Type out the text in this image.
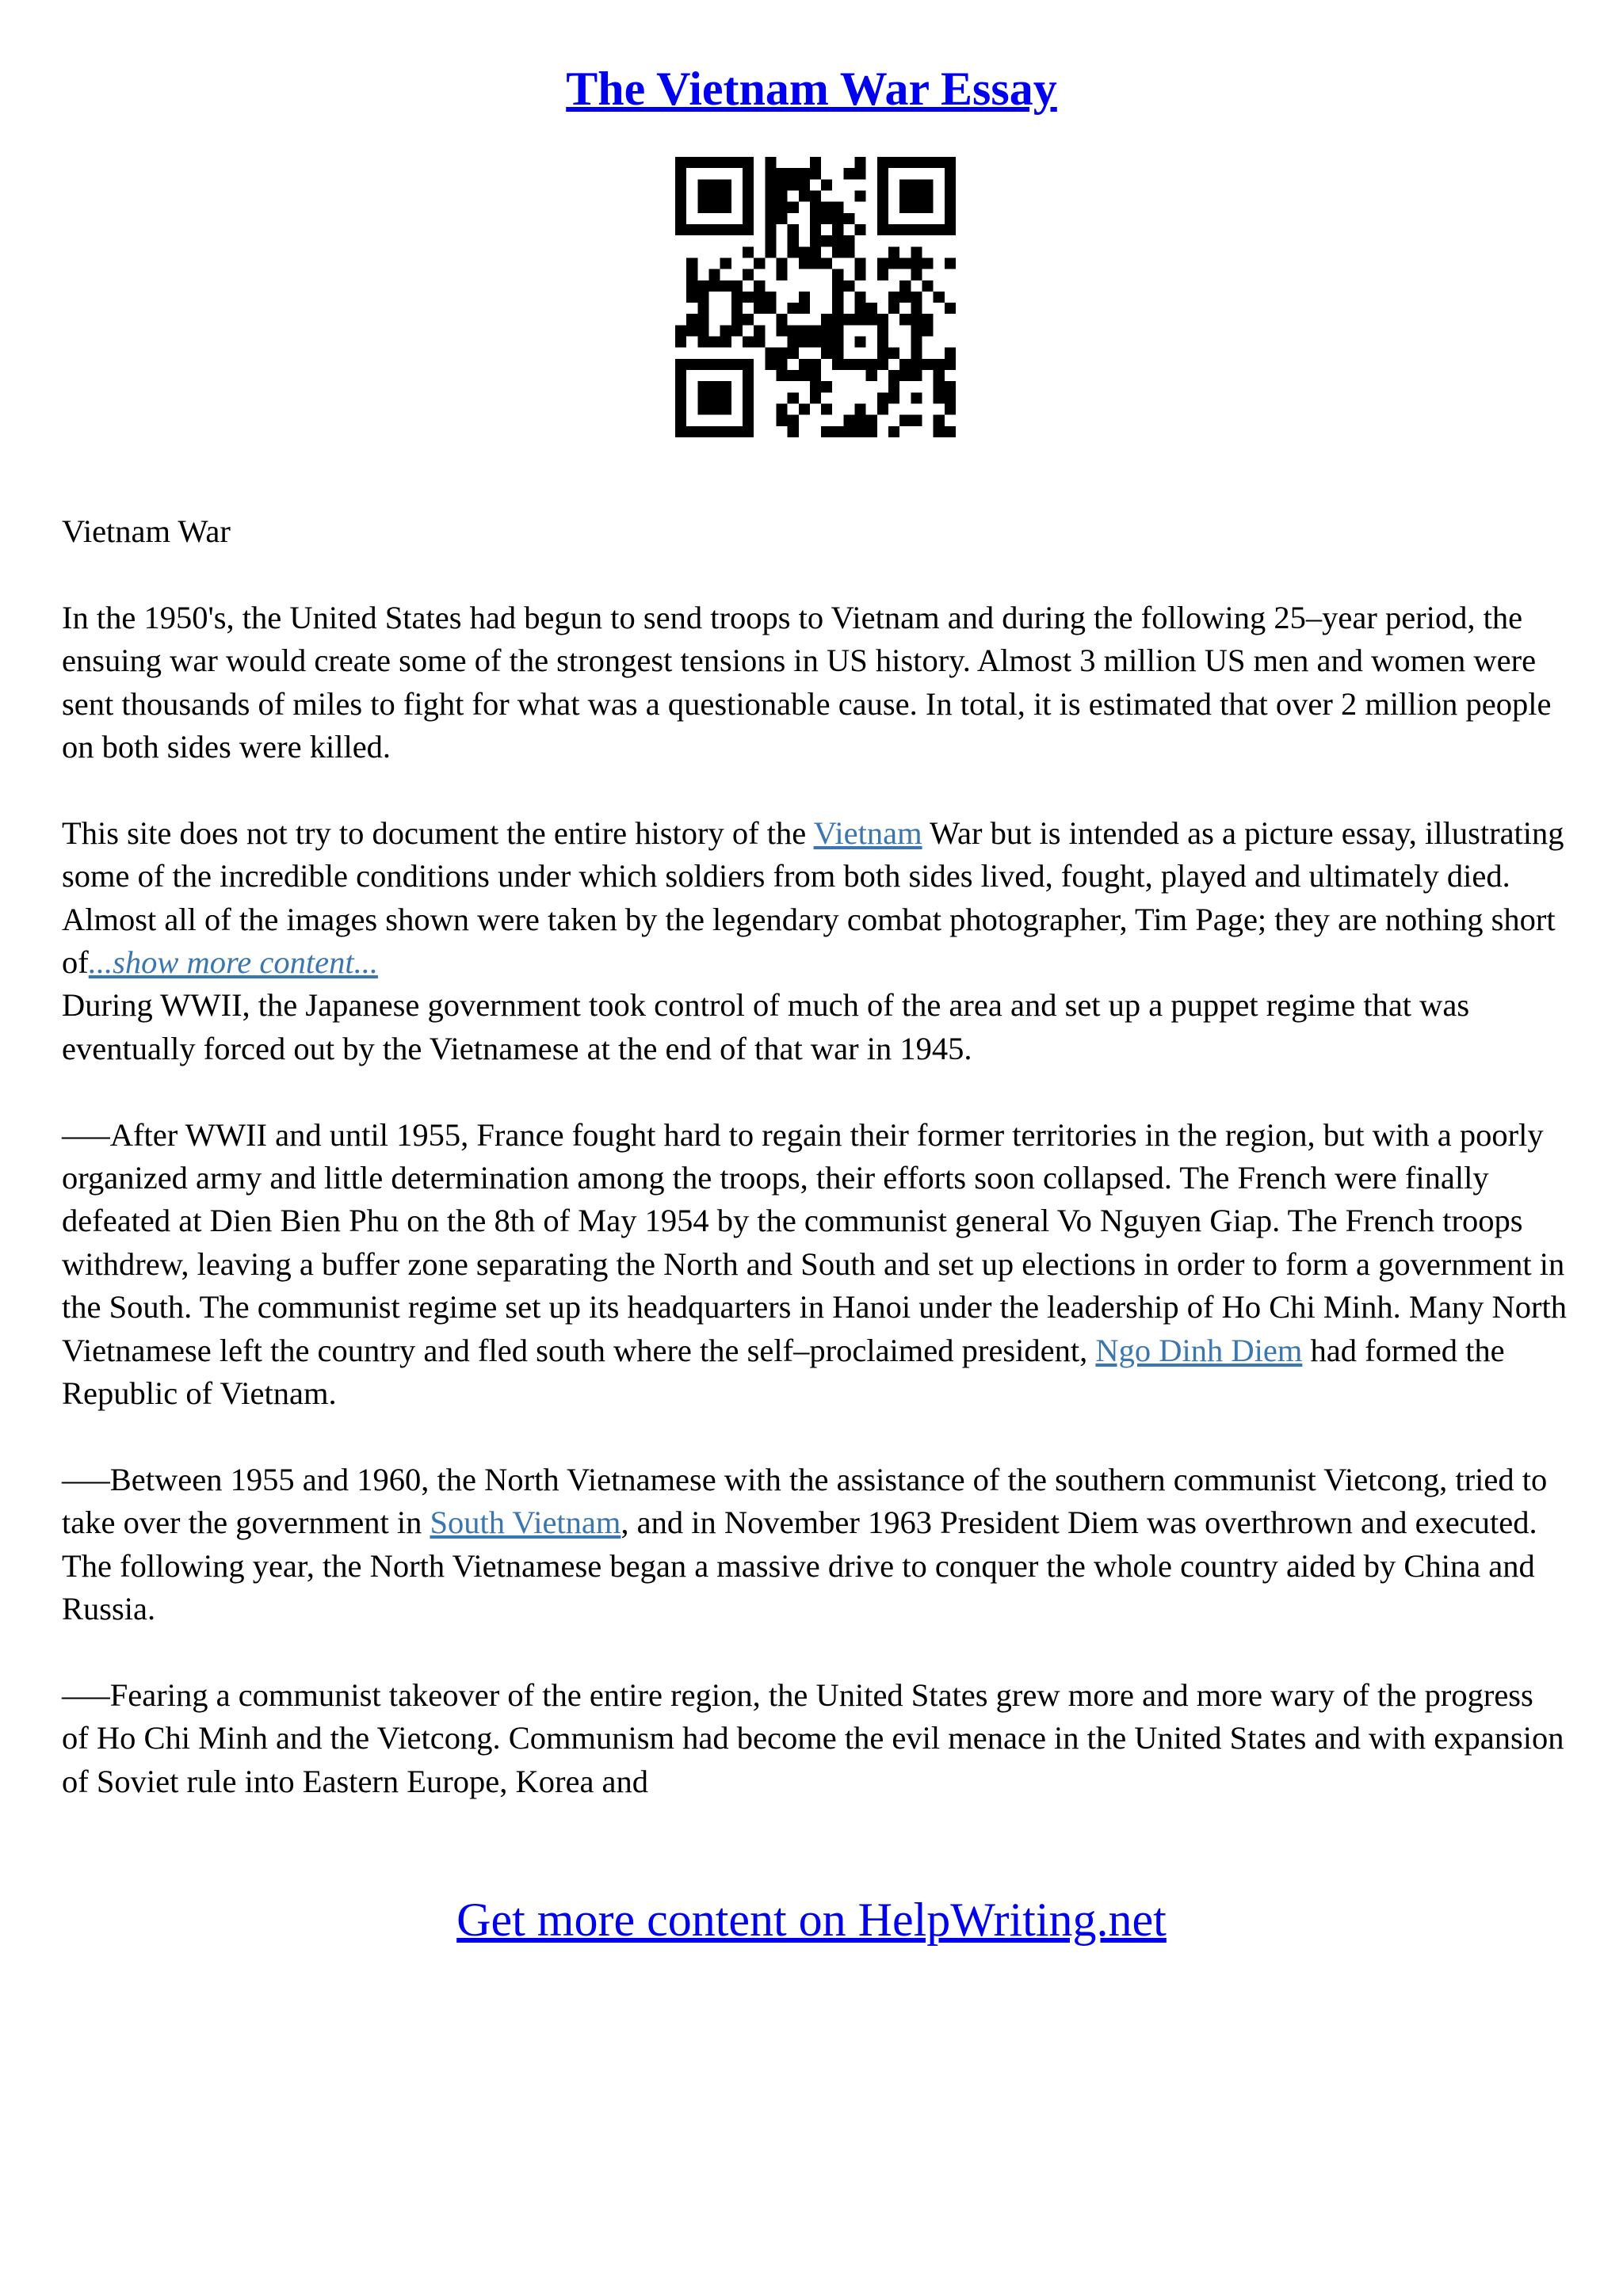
The Vietnam War Essay

Vietnam War

In the 1950's, the United States had begun to send troops to Vietnam and during the following 25–year period, the ensuing war would create some of the strongest tensions in US history. Almost 3 million US men and women were sent thousands of miles to fight for what was a questionable cause. In total, it is estimated that over 2 million people on both sides were killed.

This site does not try to document the entire history of the Vietnam War but is intended as a picture essay, illustrating some of the incredible conditions under which soldiers from both sides lived, fought, played and ultimately died. Almost all of the images shown were taken by the legendary combat photographer, Tim Page; they are nothing short of...show more content...

During WWII, the Japanese government took control of much of the area and set up a puppet regime that was eventually forced out by the Vietnamese at the end of that war in 1945.

–––After WWII and until 1955, France fought hard to regain their former territories in the region, but with a poorly organized army and little determination among the troops, their efforts soon collapsed. The French were finally defeated at Dien Bien Phu on the 8th of May 1954 by the communist general Vo Nguyen Giap. The French troops withdrew, leaving a buffer zone separating the North and South and set up elections in order to form a government in the South. The communist regime set up its headquarters in Hanoi under the leadership of Ho Chi Minh. Many North Vietnamese left the country and fled south where the self–proclaimed president, Ngo Dinh Diem had formed the Republic of Vietnam.

–––Between 1955 and 1960, the North Vietnamese with the assistance of the southern communist Vietcong, tried to take over the government in South Vietnam, and in November 1963 President Diem was overthrown and executed. The following year, the North Vietnamese began a massive drive to conquer the whole country aided by China and Russia.

–––Fearing a communist takeover of the entire region, the United States grew more and more wary of the progress of Ho Chi Minh and the Vietcong. Communism had become the evil menace in the United States and with expansion of Soviet rule into Eastern Europe, Korea and

Get more content on HelpWriting.net
